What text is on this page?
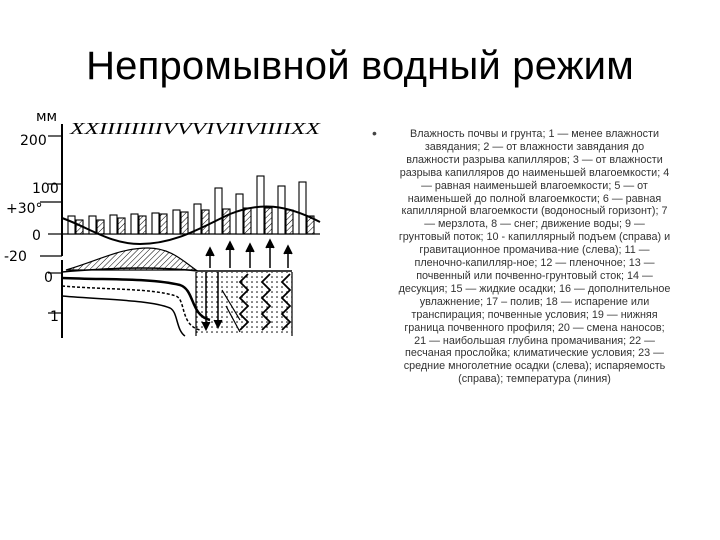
Непромывной водный режим
мм
200
100
+30°
0
-20
0
1
XXIIIIIIIIVVVIVIIVIIIIXX	•	Влажность почвы и грунта; 1 — менее влажности завядания; 2 — от влажности завядания до влажности разрыва капилляров; 3 — от влажности разрыва капилляров до наименьшей влагоемкости; 4 — равная наименьшей влагоемкости; 5 — от наименьшей до полной влагоемкости; 6 — равная капиллярной влагоемкости (водоносный горизонт); 7 — мерзлота, 8 — снег; движение воды; 9 — грунтовый поток; 10 - капиллярный подъем (справа) и гравитационное промачива-ние (слева); 11 —пленочно-капилляр-ное; 12 — пленочное; 13 — почвенный или почвенно-грунтовый сток; 14 — десукция; 15 — жидкие осадки; 16 — дополнительное увлажнение; 17 – полив; 18 — испарение или транспирация; почвенные условия; 19 — нижняя граница почвенного профиля; 20 — смена наносов; 21 — наибольшая глубина промачивания; 22 — песчаная прослойка; климатические условия; 23 — средние многолетние осадки (слева); испаряемость (справа); температура (линия)
